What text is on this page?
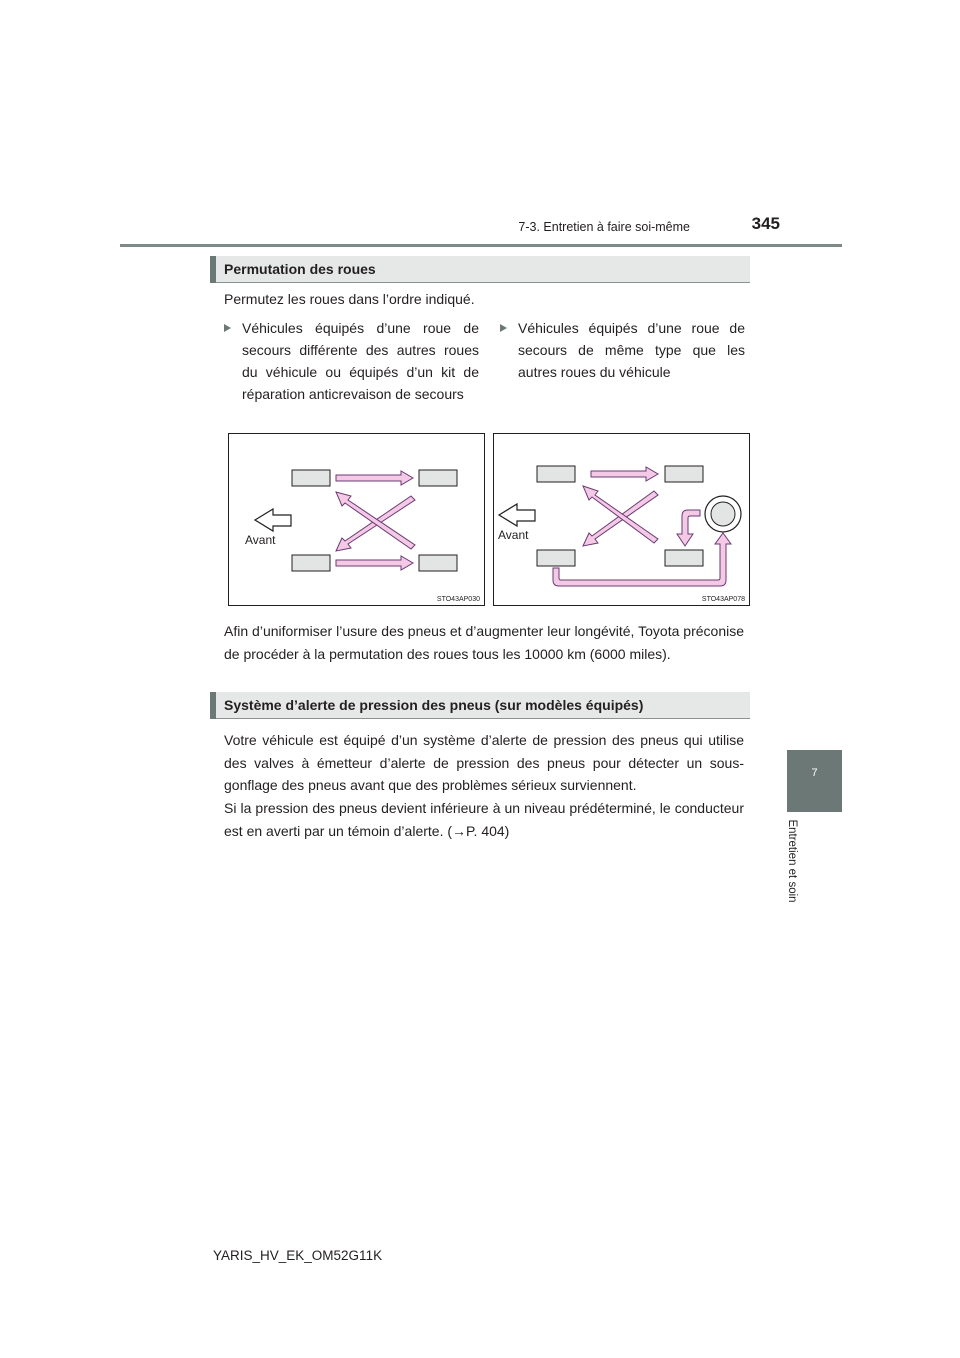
7-3. Entretien à faire soi-même	345
7
Entretien et soin
Permutation des roues
Permutez les roues dans l’ordre indiqué.
Véhicules équipés d’une roue de secours différente des autres roues du véhicule ou équipés d’un kit de réparation anticrevaison de secours
Véhicules équipés d’une roue de secours de même type que les autres roues du véhicule
Avant
STO43AP030
Avant
STO43AP078
Afin d’uniformiser l’usure des pneus et d’augmenter leur longévité, Toyota préconise de procéder à la permutation des roues tous les 10000 km (6000 miles).
Système d’alerte de pression des pneus (sur modèles équipés)
Votre véhicule est équipé d’un système d’alerte de pression des pneus qui utilise des valves à émetteur d’alerte de pression des pneus pour détecter un sous-gonflage des pneus avant que des problèmes sérieux surviennent.
Si la pression des pneus devient inférieure à un niveau prédéterminé, le conducteur est en averti par un témoin d’alerte. (→P. 404)
YARIS_HV_EK_OM52G11K
